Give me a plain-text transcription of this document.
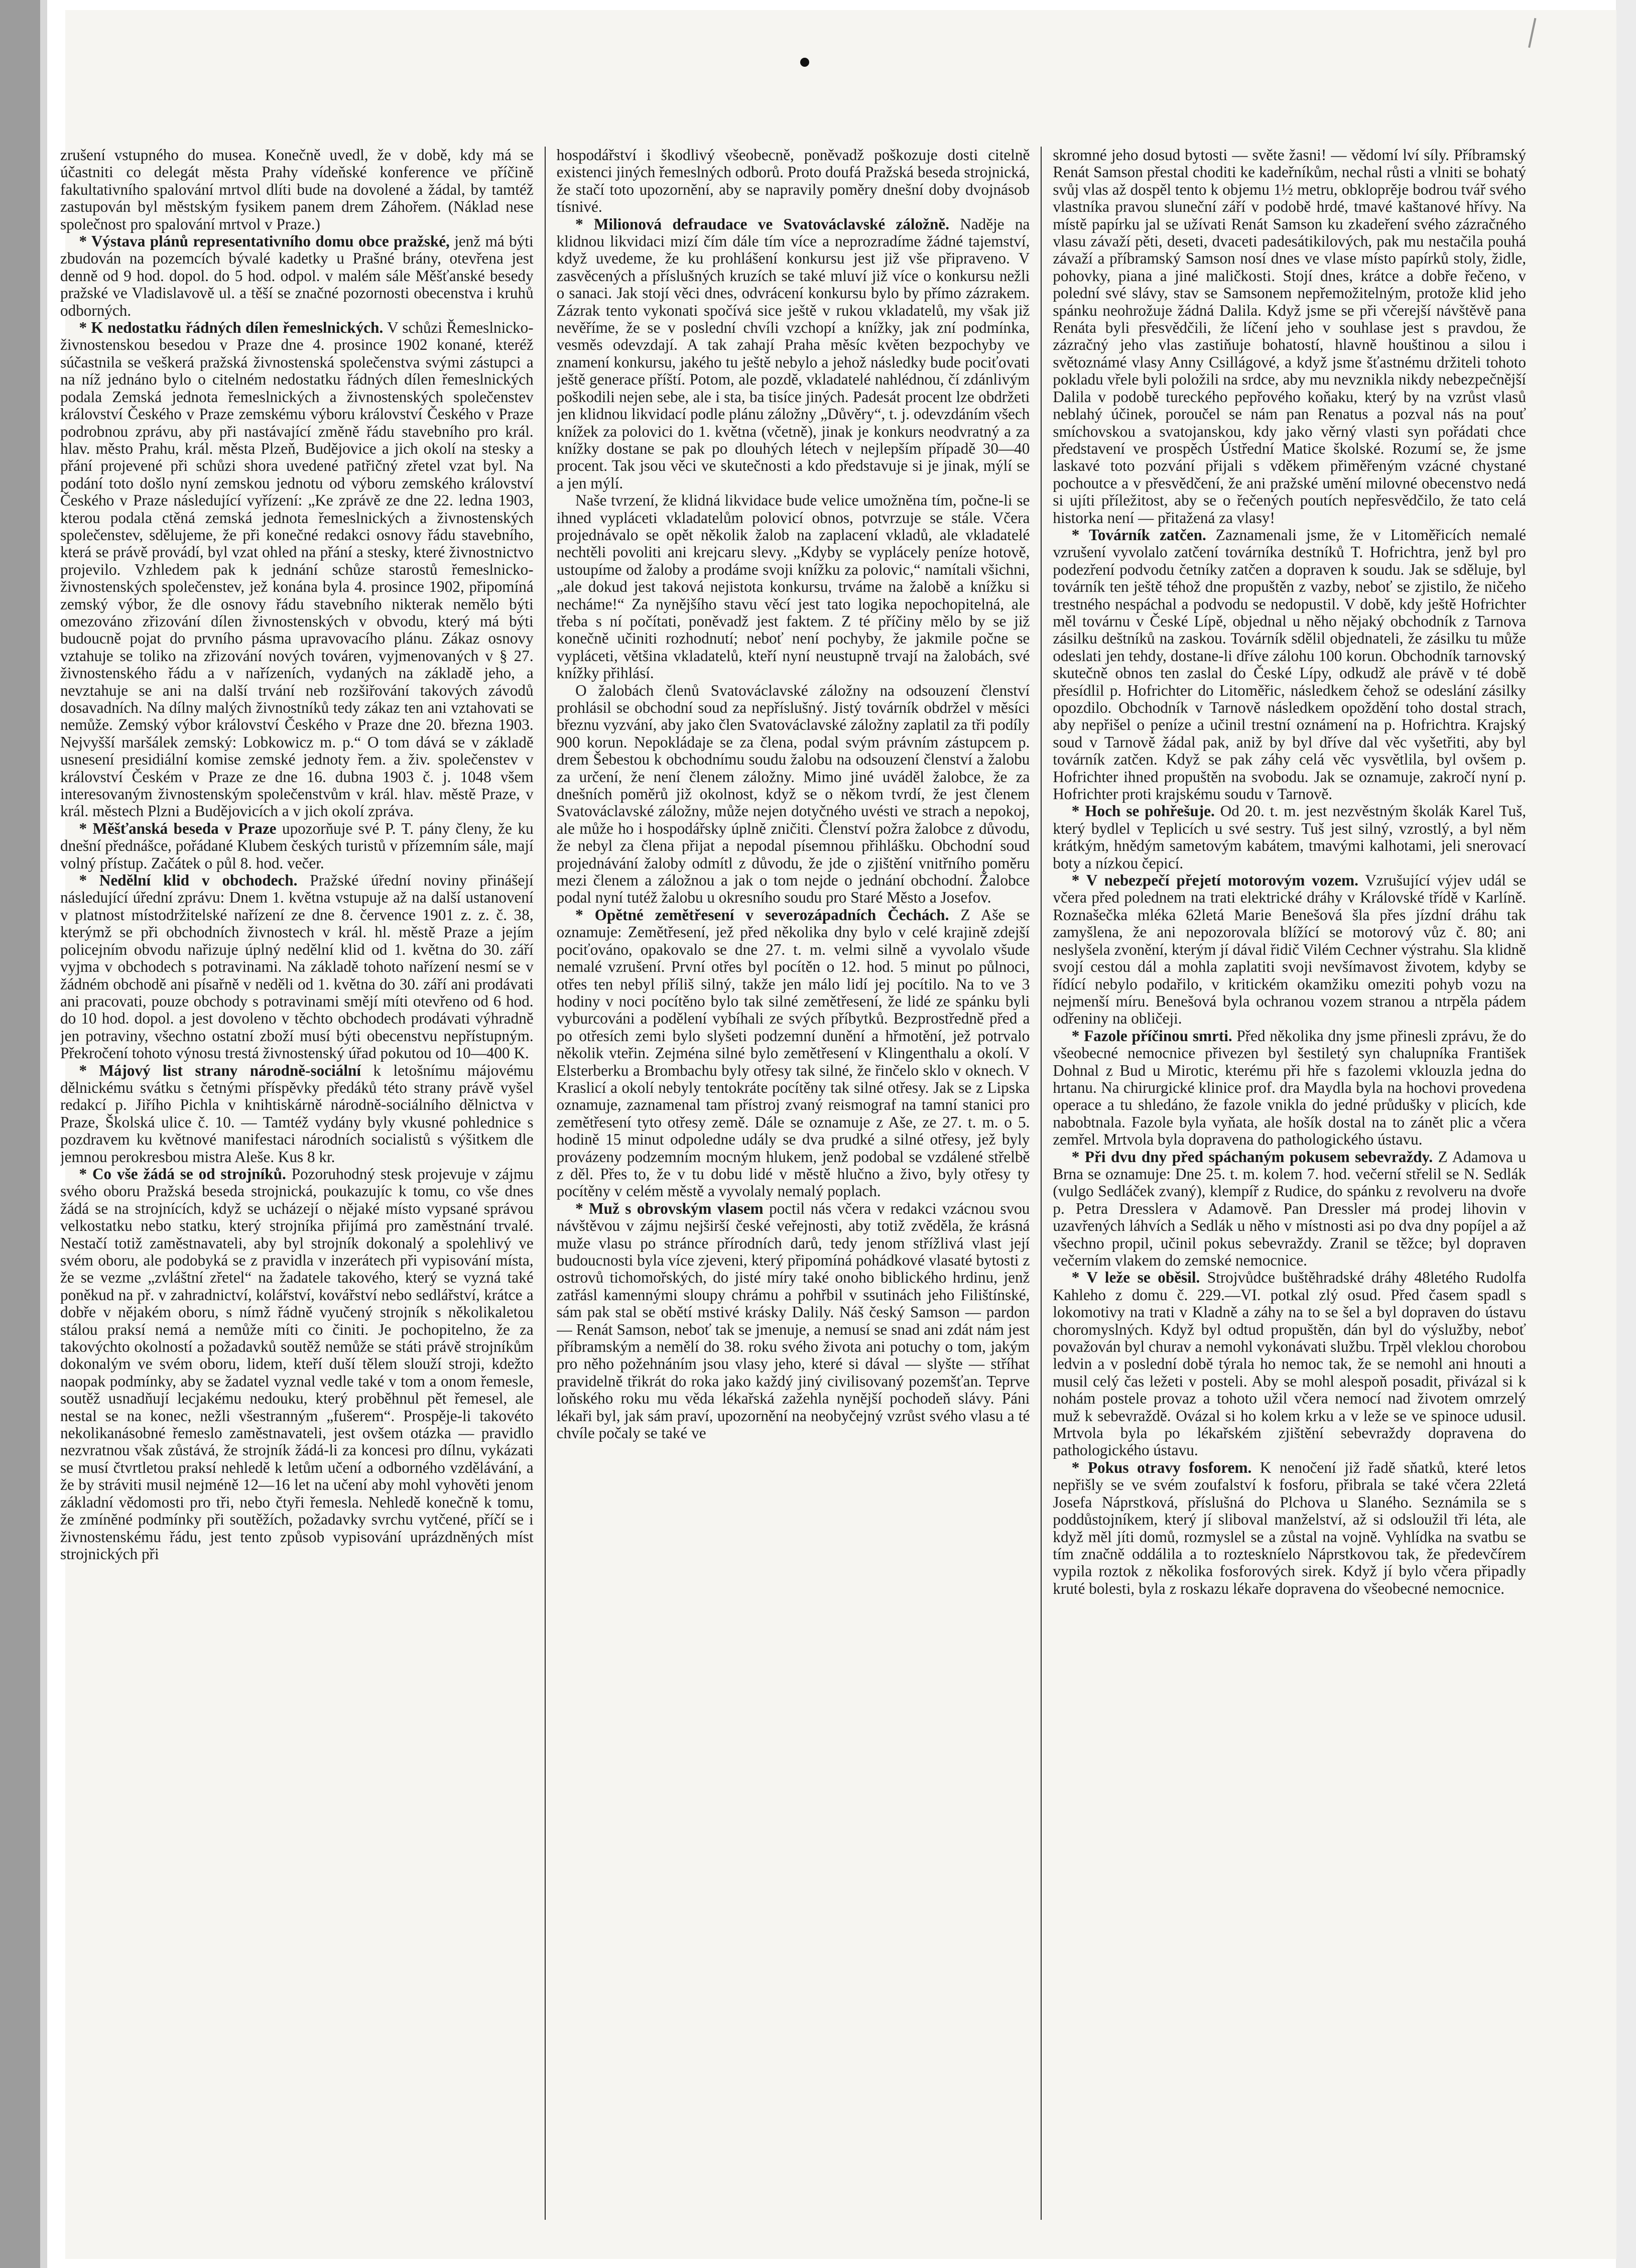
zrušení vstupného do musea. Konečně uvedl, že v době, kdy má se účastniti co delegát města Prahy vídeňské konference ve příčině fakultativního spalování mrtvol dlíti bude na dovolené a žádal, by tamtéž zastupován byl městským fysikem panem drem Záhořem. (Náklad nese společnost pro spalování mrtvol v Praze.)

* Výstava plánů representativního domu obce pražské, jenž má býti zbudován na pozemcích bývalé kadetky u Prašné brány, otevřena jest denně od 9 hod. dopol. do 5 hod. odpol. v malém sále Měšťanské besedy pražské ve Vladislavově ul. a těší se značné pozornosti obecenstva i kruhů odborných.

* K nedostatku řádných dílen řemeslnických. V schůzi Řemeslnicko-živnostenskou besedou v Praze dne 4. prosince 1902 konané, kteréž súčastnila se veškerá pražská živnostenská společenstva svými zástupci a na níž jednáno bylo o citelném nedostatku řádných dílen řemeslnických podala Zemská jednota řemeslnických a živnostenských společenstev království Českého v Praze zemskému výboru království Českého v Praze podrobnou zprávu, aby při nastávající změně řádu stavebního pro král. hlav. město Prahu, král. města Plzeň, Budějovice a jich okolí na stesky a přání projevené při schůzi shora uvedené patřičný zřetel vzat byl. Na podání toto došlo nyní zemskou jednotu od výboru zemského království Českého v Praze následující vyřízení: „Ke zprávě ze dne 22. ledna 1903, kterou podala ctěná zemská jednota řemeslnických a živnostenských společenstev, sdělujeme, že při konečné redakci osnovy řádu stavebního, která se právě provádí, byl vzat ohled na přání a stesky, které živnostnictvo projevilo. Vzhledem pak k jednání schůze starostů řemeslnicko-živnostenských společenstev, jež konána byla 4. prosince 1902, připomíná zemský výbor, že dle osnovy řádu stavebního nikterak nemělo býti omezováno zřizování dílen živnostenských v obvodu, který má býti budoucně pojat do prvního pásma upravovacího plánu. Zákaz osnovy vztahuje se toliko na zřizování nových továren, vyjmenovaných v § 27. živnostenského řádu a v nařízeních, vydaných na základě jeho, a nevztahuje se ani na další trvání neb rozšiřování takových závodů dosavadních. Na dílny malých živnostníků tedy zákaz ten ani vztahovati se nemůže. Zemský výbor království Českého v Praze dne 20. března 1903. Nejvyšší maršálek zemský: Lobkowicz m. p.“ O tom dává se v základě usnesení presidiální komise zemské jednoty řem. a živ. společenstev v království Českém v Praze ze dne 16. dubna 1903 č. j. 1048 všem interesovaným živnostenským společenstvům v král. hlav. městě Praze, v král. městech Plzni a Budějovicích a v jich okolí zpráva.

* Měšťanská beseda v Praze upozorňuje své P. T. pány členy, že ku dnešní přednášce, pořádané Klubem českých turistů v přízemním sále, mají volný přístup. Začátek o půl 8. hod. večer.

* Nedělní klid v obchodech. Pražské úřední noviny přinášejí následující úřední zprávu: Dnem 1. května vstupuje až na další ustanovení v platnost místodržitelské nařízení ze dne 8. července 1901 z. z. č. 38, kterýmž se při obchodních živnostech v král. hl. městě Praze a jejím policejním obvodu nařizuje úplný nedělní klid od 1. května do 30. září vyjma v obchodech s potravinami. Na základě tohoto nařízení nesmí se v žádném obchodě ani písařně v neděli od 1. května do 30. září ani prodávati ani pracovati, pouze obchody s potravinami smějí míti otevřeno od 6 hod. do 10 hod. dopol. a jest dovoleno v těchto obchodech prodávati výhradně jen potraviny, všechno ostatní zboží musí býti obecenstvu nepřístupným. Překročení tohoto výnosu trestá živnostenský úřad pokutou od 10—400 K.

* Májový list strany národně-sociální k letošnímu májovému dělnickému svátku s četnými příspěvky předáků této strany právě vyšel redakcí p. Jiřího Pichla v knihtiskárně národně-sociálního dělnictva v Praze, Školská ulice č. 10. — Tamtéž vydány byly vkusné pohlednice s pozdravem ku květnové manifestaci národních socialistů s výšitkem dle jemnou perokresbou mistra Aleše. Kus 8 kr.

* Co vše žádá se od strojníků. Pozoruhodný stesk projevuje v zájmu svého oboru Pražská beseda strojnická, poukazujíc k tomu, co vše dnes žádá se na strojnících, když se ucházejí o nějaké místo vypsané správou velkostatku nebo statku, který strojníka přijímá pro zaměstnání trvalé. Nestačí totiž zaměstnavateli, aby byl strojník dokonalý a spolehlivý ve svém oboru, ale podobyká se z pravidla v inzerátech při vypisování místa, že se vezme „zvláštní zřetel“ na žadatele takového, který se vyzná také poněkud na př. v zahradnictví, kolářství, kovářství nebo sedlářství, krátce a dobře v nějakém oboru, s nímž řádně vyučený strojník s několikaletou stálou praksí nemá a nemůže míti co činiti. Je pochopitelno, že za takovýchto okolností a požadavků soutěž nemůže se státi právě strojníkům dokonalým ve svém oboru, lidem, kteří duší tělem slouží stroji, kdežto naopak podmínky, aby se žadatel vyznal vedle také v tom a onom řemesle, soutěž usnadňují lecjakému nedouku, který proběhnul pět řemesel, ale nestal se na konec, nežli všestranným „fušerem“. Prospěje-li takovéto nekolikanásobné řemeslo zaměstnavateli, jest ovšem otázka — pravidlo nezvratnou však zůstává, že strojník žádá-li za koncesi pro dílnu, vykázati se musí čtvrtletou praksí nehledě k letům učení a odborného vzdělávání, a že by stráviti musil nejméně 12—16 let na učení aby mohl vyhověti jenom základní vědomosti pro tři, nebo čtyři řemesla. Nehledě konečně k tomu, že zmíněné podmínky při soutěžích, požadavky svrchu vytčené, příčí se i živnostenskému řádu, jest tento způsob vypisování uprázdněných míst strojnických při

hospodářství i škodlivý všeobecně, poněvadž poškozuje dosti citelně existenci jiných řemeslných odborů. Proto doufá Pražská beseda strojnická, že stačí toto upozornění, aby se napravily poměry dnešní doby dvojnásob tísnivé.

* Milionová defraudace ve Svatováclavské záložně. Naděje na klidnou likvidaci mizí čím dále tím více a neprozradíme žádné tajemství, když uvedeme, že ku prohlášení konkursu jest již vše připraveno. V zasvěcených a příslušných kruzích se také mluví již více o konkursu nežli o sanaci. Jak stojí věci dnes, odvrácení konkursu bylo by přímo zázrakem. Zázrak tento vykonati spočívá sice ještě v rukou vkladatelů, my však již nevěříme, že se v poslední chvíli vzchopí a knížky, jak zní podmínka, vesměs odevzdají. A tak zahají Praha měsíc květen bezpochyby ve znamení konkursu, jakého tu ještě nebylo a jehož následky bude pociťovati ještě generace příští. Potom, ale pozdě, vkladatelé nahlédnou, čí zdánlivým poškodili nejen sebe, ale i sta, ba tisíce jiných. Padesát procent lze obdržeti jen klidnou likvidací podle plánu záložny „Důvěry“, t. j. odevzdáním všech knížek za polovici do 1. května (včetně), jinak je konkurs neodvratný a za knížky dostane se pak po dlouhých létech v nejlepším případě 30—40 procent. Tak jsou věci ve skutečnosti a kdo představuje si je jinak, mýlí se a jen mýlí.

Naše tvrzení, že klidná likvidace bude velice umožněna tím, počne-li se ihned vypláceti vkladatelům polovicí obnos, potvrzuje se stále. Včera projednávalo se opět několik žalob na zaplacení vkladů, ale vkladatelé nechtěli povoliti ani krejcaru slevy. „Kdyby se vyplácely peníze hotově, ustoupíme od žaloby a prodáme svoji knížku za polovic,“ namítali všichni, „ale dokud jest taková nejistota konkursu, trváme na žalobě a knížku si necháme!“ Za nynějšího stavu věcí jest tato logika nepochopitelná, ale třeba s ní počítati, poněvadž jest faktem. Z té příčiny mělo by se již konečně učiniti rozhodnutí; neboť není pochyby, že jakmile počne se vypláceti, většina vkladatelů, kteří nyní neustupně trvají na žalobách, své knížky přihlásí.

O žalobách členů Svatováclavské záložny na odsouzení členství prohlásil se obchodní soud za nepříslušný. Jistý továrník obdržel v měsíci březnu vyzvání, aby jako člen Svatováclavské záložny zaplatil za tři podíly 900 korun. Nepokládaje se za člena, podal svým právním zástupcem p. drem Šebestou k obchodnímu soudu žalobu na odsouzení členství a žalobu za určení, že není členem záložny. Mimo jiné uváděl žalobce, že za dnešních poměrů již okolnost, když se o někom tvrdí, že jest členem Svatováclavské záložny, může nejen dotyčného uvésti ve strach a nepokoj, ale může ho i hospodářsky úplně zničiti. Členství požra žalobce z důvodu, že nebyl za člena přijat a nepodal písemnou přihlášku. Obchodní soud projednávání žaloby odmítl z důvodu, že jde o zjištění vnitřního poměru mezi členem a záložnou a jak o tom nejde o jednání obchodní. Žalobce podal nyní tutéž žalobu u okresního soudu pro Staré Město a Josefov.

* Opětné zemětřesení v severozápadních Čechách. Z Aše se oznamuje: Zemětřesení, jež před několika dny bylo v celé krajině zdejší pociťováno, opakovalo se dne 27. t. m. velmi silně a vyvolalo všude nemalé vzrušení. První otřes byl pocítěn o 12. hod. 5 minut po půlnoci, otřes ten nebyl příliš silný, takže jen málo lidí jej pocítilo. Na to ve 3 hodiny v noci pocítěno bylo tak silné zemětřesení, že lidé ze spánku byli vyburcováni a podělení vybíhali ze svých příbytků. Bezprostředně před a po otřesích zemi bylo slyšeti podzemní dunění a hřmotění, jež potrvalo několik vteřin. Zejména silné bylo zemětřesení v Klingenthalu a okolí. V Elsterberku a Brombachu byly otřesy tak silné, že řinčelo sklo v oknech. V Kraslicí a okolí nebyly tentokráte pocítěny tak silné otřesy. Jak se z Lipska oznamuje, zaznamenal tam přístroj zvaný reismograf na tamní stanici pro zemětřesení tyto otřesy země. Dále se oznamuje z Aše, ze 27. t. m. o 5. hodině 15 minut odpoledne udály se dva prudké a silné otřesy, jež byly provázeny podzemním mocným hlukem, jenž podobal se vzdálené střelbě z děl. Přes to, že v tu dobu lidé v městě hlučno a živo, byly otřesy ty pocítěny v celém městě a vyvolaly nemalý poplach.

* Muž s obrovským vlasem poctil nás včera v redakci vzácnou svou návštěvou v zájmu nejširší české veřejnosti, aby totiž zvěděla, že krásná muže vlasu po stránce přírodních darů, tedy jenom střížlivá vlast její budoucnosti byla více zjeveni, který připomíná pohádkové vlasaté bytosti z ostrovů tichomořských, do jisté míry také onoho biblického hrdinu, jenž zatřásl kamennými sloupy chrámu a pohřbil v ssutinách jeho Filištínské, sám pak stal se obětí mstivé krásky Dalily. Náš český Samson — pardon — Renát Samson, neboť tak se jmenuje, a nemusí se snad ani zdát nám jest příbramským a nemělí do 38. roku svého života ani potuchy o tom, jakým pro něho požehnáním jsou vlasy jeho, které si dával — slyšte — stříhat pravidelně třikrát do roka jako každý jiný civilisovaný pozemšťan. Teprve loňského roku mu věda lékařská zažehla nynější pochodeň slávy. Páni lékaři byl, jak sám praví, upozornění na neobyčejný vzrůst svého vlasu a té chvíle počaly se také ve

skromné jeho dosud bytosti — světe žasni! — vědomí lví síly. Příbramský Renát Samson přestal choditi ke kadeřníkům, nechal růsti a vlniti se bohatý svůj vlas až dospěl tento k objemu 1½ metru, obkloprěje bodrou tvář svého vlastníka pravou sluneční září v podobě hrdé, tmavé kaštanové hřívy. Na místě papírku jal se užívati Renát Samson ku zkadeření svého zázračného vlasu závaží pěti, deseti, dvaceti padesátikilových, pak mu nestačila pouhá závaží a příbramský Samson nosí dnes ve vlase místo papírků stoly, židle, pohovky, piana a jiné maličkosti. Stojí dnes, krátce a dobře řečeno, v polední své slávy, stav se Samsonem nepřemožitelným, protože klid jeho spánku neohrožuje žádná Dalila. Když jsme se při včerejší návštěvě pana Renáta byli přesvědčili, že líčení jeho v souhlase jest s pravdou, že zázračný jeho vlas zastiňuje bohatostí, hlavně houštinou a silou i světoznámé vlasy Anny Csillágové, a když jsme šťastnému držiteli tohoto pokladu vřele byli položili na srdce, aby mu nevznikla nikdy nebezpečnější Dalila v podobě tureckého pepřového koňaku, který by na vzrůst vlasů neblahý účinek, poroučel se nám pan Renatus a pozval nás na pouť smíchovskou a svatojanskou, kdy jako věrný vlasti syn pořádati chce představení ve prospěch Ústřední Matice školské. Rozumí se, že jsme laskavé toto pozvání přijali s vděkem přiměřeným vzácné chystané pochoutce a v přesvědčení, že ani pražské umění milovné obecenstvo nedá si ujíti příležitost, aby se o řečených poutích nepřesvědčilo, že tato celá historka není — přitažená za vlasy!

* Továrník zatčen. Zaznamenali jsme, že v Litoměřicích nemalé vzrušení vyvolalo zatčení továrníka destníků T. Hofrichtra, jenž byl pro podezření podvodu četníky zatčen a dopraven k soudu. Jak se sděluje, byl továrník ten ještě téhož dne propuštěn z vazby, neboť se zjistilo, že ničeho trestného nespáchal a podvodu se nedopustil. V době, kdy ještě Hofrichter měl továrnu v České Lípě, objednal u něho nějaký obchodník z Tarnova zásilku deštníků na zaskou. Továrník sdělil objednateli, že zásilku tu může odeslati jen tehdy, dostane-li dříve zálohu 100 korun. Obchodník tarnovský skutečně obnos ten zaslal do České Lípy, odkudž ale právě v té době přesídlil p. Hofrichter do Litoměřic, následkem čehož se odeslání zásilky opozdilo. Obchodník v Tarnově následkem opoždění toho dostal strach, aby nepřišel o peníze a učinil trestní oznámení na p. Hofrichtra. Krajský soud v Tarnově žádal pak, aniž by byl dříve dal věc vyšetřiti, aby byl továrník zatčen. Když se pak záhy celá věc vysvětlila, byl ovšem p. Hofrichter ihned propuštěn na svobodu. Jak se oznamuje, zakročí nyní p. Hofrichter proti krajskému soudu v Tarnově.

* Hoch se pohřešuje. Od 20. t. m. jest nezvěstným školák Karel Tuš, který bydlel v Teplicích u své sestry. Tuš jest silný, vzrostlý, a byl něm krátkým, hnědým sametovým kabátem, tmavými kalhotami, jeli snerovací boty a nízkou čepicí.

* V nebezpečí přejetí motorovým vozem. Vzrušující výjev udál se včera před polednem na trati elektrické dráhy v Královské třídě v Karlíně. Roznašečka mléka 62letá Marie Benešová šla přes jízdní dráhu tak zamyšlena, že ani nepozorovala blížící se motorový vůz č. 80; ani neslyšela zvonění, kterým jí dával řidič Vilém Cechner výstrahu. Sla klidně svojí cestou dál a mohla zaplatiti svoji nevšímavost životem, kdyby se řídící nebylo podařilo, v kritickém okamžiku omeziti pohyb vozu na nejmenší míru. Benešová byla ochranou vozem stranou a ntrpěla pádem odřeniny na obličeji.

* Fazole příčinou smrti. Před několika dny jsme přinesli zprávu, že do všeobecné nemocnice přivezen byl šestiletý syn chalupníka František Dohnal z Bud u Mirotic, kterému při hře s fazolemi vklouzla jedna do hrtanu. Na chirurgické klinice prof. dra Maydla byla na hochovi provedena operace a tu shledáno, že fazole vnikla do jedné průdušky v plicích, kde nabobtnala. Fazole byla vyňata, ale hošík dostal na to zánět plic a včera zemřel. Mrtvola byla dopravena do pathologického ústavu.

* Při dvu dny před spáchaným pokusem sebevraždy. Z Adamova u Brna se oznamuje: Dne 25. t. m. kolem 7. hod. večerní střelil se N. Sedlák (vulgo Sedláček zvaný), klempíř z Rudice, do spánku z revolveru na dvoře p. Petra Dresslera v Adamově. Pan Dressler má prodej lihovin v uzavřených láhvích a Sedlák u něho v místnosti asi po dva dny popíjel a až všechno propil, učinil pokus sebevraždy. Zranil se těžce; byl dopraven večerním vlakem do zemské nemocnice.

* V leže se oběsil. Strojvůdce buštěhradské dráhy 48letého Rudolfa Kahleho z domu č. 229.—VI. potkal zlý osud. Před časem spadl s lokomotivy na trati v Kladně a záhy na to se šel a byl dopraven do ústavu choromyslných. Když byl odtud propuštěn, dán byl do výslužby, neboť považován byl churav a nemohl vykonávati službu. Trpěl vleklou chorobou ledvin a v poslední době týrala ho nemoc tak, že se nemohl ani hnouti a musil celý čas ležeti v posteli. Aby se mohl alespoň posadit, přivázal si k nohám postele provaz a tohoto užil včera nemocí nad životem omrzelý muž k sebevraždě. Ovázal si ho kolem krku a v leže se ve spinoce udusil. Mrtvola byla po lékařském zjištění sebevraždy dopravena do pathologického ústavu.

* Pokus otravy fosforem. K nenočení již řadě sňatků, které letos nepřišly se ve svém zoufalství k fosforu, přibrala se také včera 22letá Josefa Náprstková, příslušná do Plchova u Slaného. Seznámila se s poddůstojníkem, který jí sliboval manželství, až si odsloužil tři léta, ale když měl jíti domů, rozmyslel se a zůstal na vojně. Vyhlídka na svatbu se tím značně oddálila a to rozteskníelo Náprstkovou tak, že předevčírem vypila roztok z několika fosforových sirek. Když jí bylo včera připadly kruté bolesti, byla z roskazu lékaře dopravena do všeobecné nemocnice.
